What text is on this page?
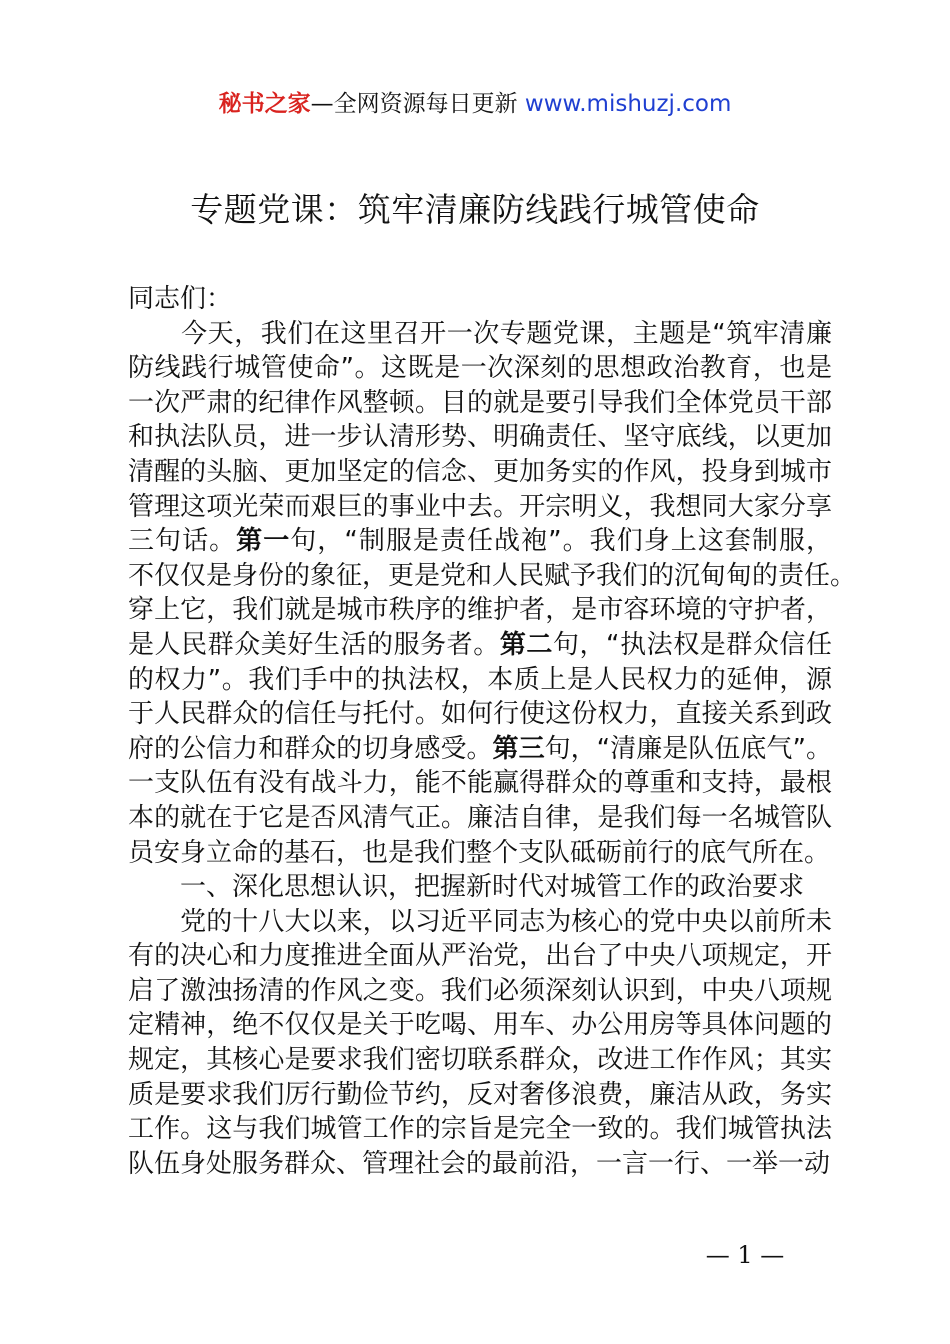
秘书之家—全网资源每日更新 www.mishuzj.com
专题党课：筑牢清廉防线践行城管使命

同志们：

　　今天，我们在这里召开一次专题党课，主题是“筑牢清廉

防线践行城管使命”。这既是一次深刻的思想政治教育，也是

一次严肃的纪律作风整顿。目的就是要引导我们全体党员干部

和执法队员，进一步认清形势、明确责任、坚守底线，以更加

清醒的头脑、更加坚定的信念、更加务实的作风，投身到城市

管理这项光荣而艰巨的事业中去。开宗明义，我想同大家分享

三句话。第一句，“制服是责任战袍”。我们身上这套制服，

不仅仅是身份的象征，更是党和人民赋予我们的沉甸甸的责任。

穿上它，我们就是城市秩序的维护者，是市容环境的守护者，

是人民群众美好生活的服务者。第二句，“执法权是群众信任

的权力”。我们手中的执法权，本质上是人民权力的延伸，源

于人民群众的信任与托付。如何行使这份权力，直接关系到政

府的公信力和群众的切身感受。第三句，“清廉是队伍底气”。

一支队伍有没有战斗力，能不能赢得群众的尊重和支持，最根

本的就在于它是否风清气正。廉洁自律，是我们每一名城管队

员安身立命的基石，也是我们整个支队砥砺前行的底气所在。

　　一、深化思想认识，把握新时代对城管工作的政治要求

　　党的十八大以来，以习近平同志为核心的党中央以前所未

有的决心和力度推进全面从严治党，出台了中央八项规定，开

启了激浊扬清的作风之变。我们必须深刻认识到，中央八项规

定精神，绝不仅仅是关于吃喝、用车、办公用房等具体问题的

规定，其核心是要求我们密切联系群众，改进工作作风；其实

质是要求我们厉行勤俭节约，反对奢侈浪费，廉洁从政，务实

工作。这与我们城管工作的宗旨是完全一致的。我们城管执法

队伍身处服务群众、管理社会的最前沿，一言一行、一举一动

— 1 —
